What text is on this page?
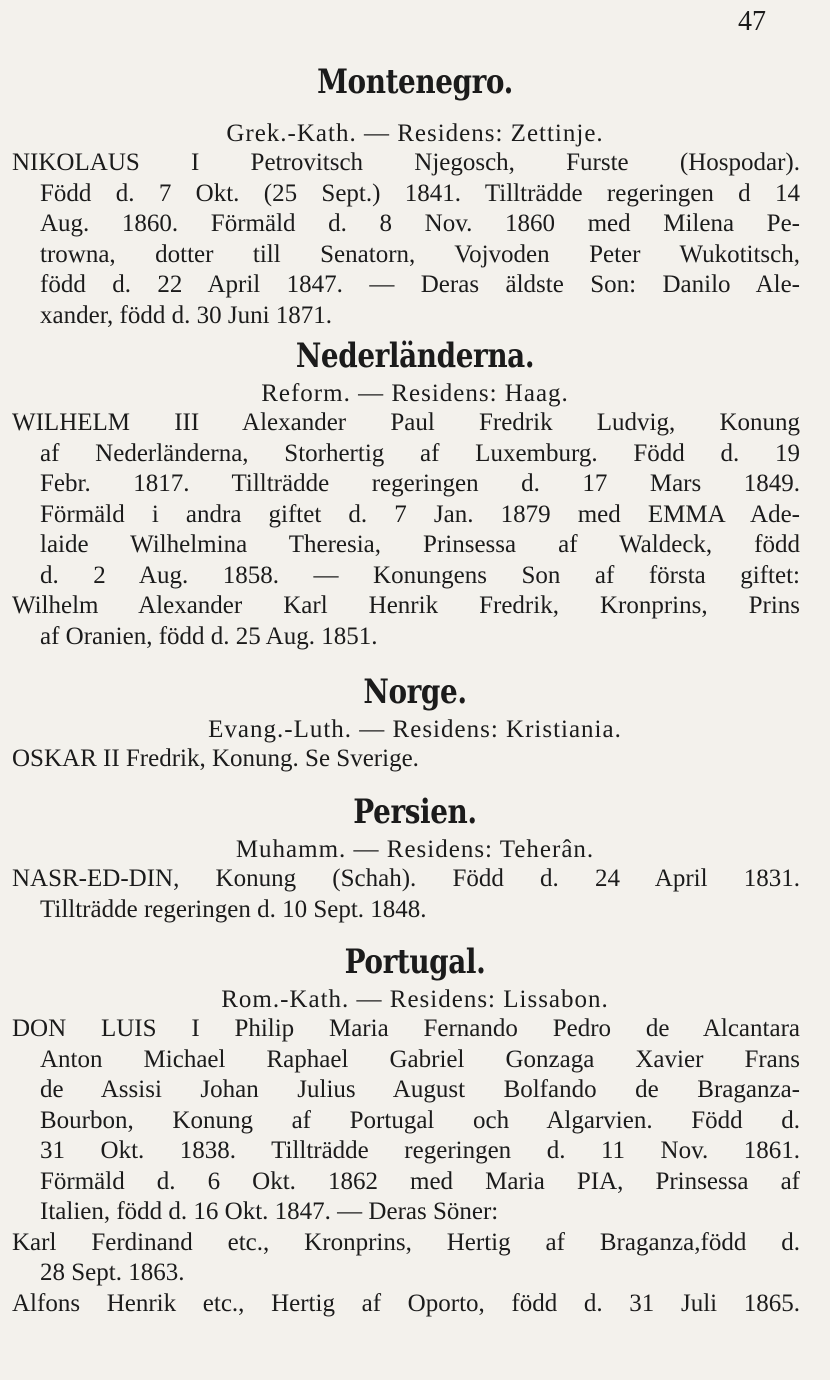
47
Montenegro.
Grek.-Kath. — Residens: Zettinje.
NIKOLAUS I Petrovitsch Njegosch, Furste (Hospodar).
Född d. 7 Okt. (25 Sept.) 1841. Tillträdde regeringen d 14
Aug. 1860. Förmäld d. 8 Nov. 1860 med Milena Pe-
trowna, dotter till Senatorn, Vojvoden Peter Wukotitsch,
född d. 22 April 1847. — Deras äldste Son: Danilo Ale-
xander, född d. 30 Juni 1871.
Nederländerna.
Reform. — Residens: Haag.
WILHELM III Alexander Paul Fredrik Ludvig, Konung
af Nederländerna, Storhertig af Luxemburg. Född d. 19
Febr. 1817. Tillträdde regeringen d. 17 Mars 1849.
Förmäld i andra giftet d. 7 Jan. 1879 med EMMA Ade-
laide Wilhelmina Theresia, Prinsessa af Waldeck, född
d. 2 Aug. 1858. — Konungens Son af första giftet:
Wilhelm Alexander Karl Henrik Fredrik, Kronprins, Prins
af Oranien, född d. 25 Aug. 1851.
Norge.
Evang.-Luth. — Residens: Kristiania.
OSKAR II Fredrik, Konung. Se Sverige.
Persien.
Muhamm. — Residens: Teherân.
NASR-ED-DIN, Konung (Schah). Född d. 24 April 1831.
Tillträdde regeringen d. 10 Sept. 1848.
Portugal.
Rom.-Kath. — Residens: Lissabon.
DON LUIS I Philip Maria Fernando Pedro de Alcantara
Anton Michael Raphael Gabriel Gonzaga Xavier Frans
de Assisi Johan Julius August Bolfando de Braganza-
Bourbon, Konung af Portugal och Algarvien. Född d.
31 Okt. 1838. Tillträdde regeringen d. 11 Nov. 1861.
Förmäld d. 6 Okt. 1862 med Maria PIA, Prinsessa af
Italien, född d. 16 Okt. 1847. — Deras Söner:
Karl Ferdinand etc., Kronprins, Hertig af Braganza,född d.
28 Sept. 1863.
Alfons Henrik etc., Hertig af Oporto, född d. 31 Juli 1865.
